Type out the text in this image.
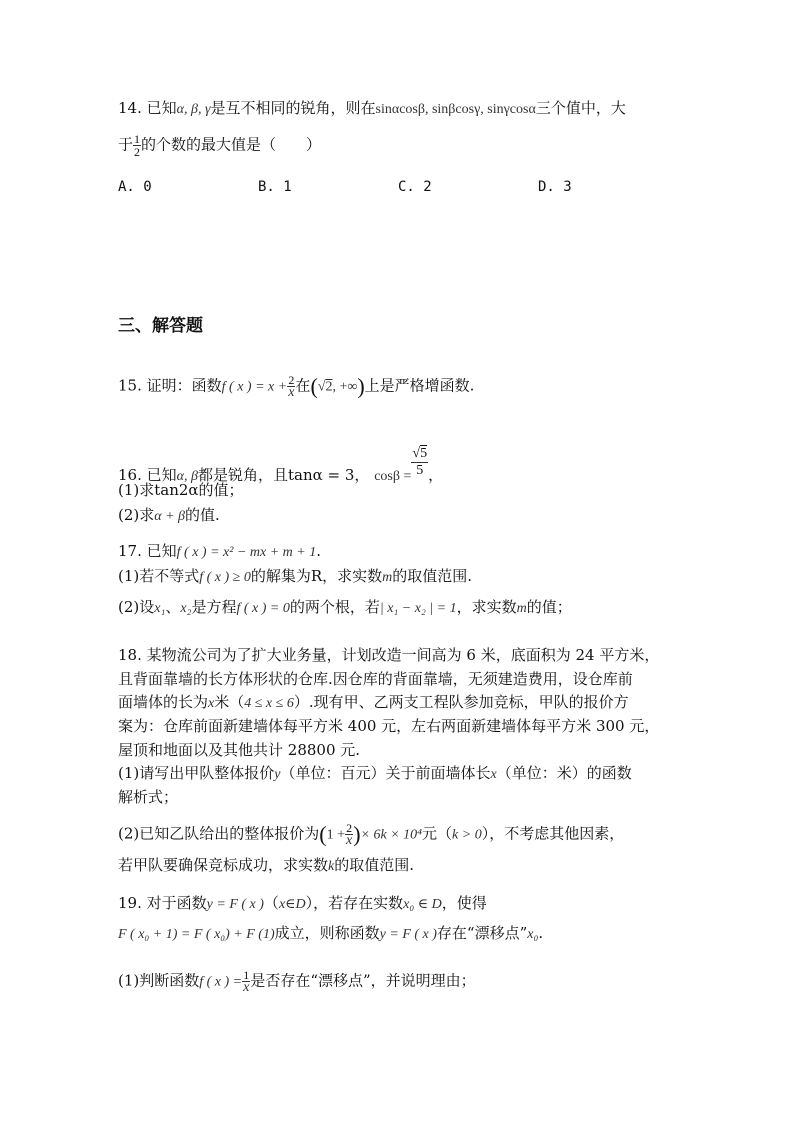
14. 已知α, β, γ是互不相同的锐角，则在sinαcosβ, sinβcosγ, sinγcosα三个值中，大
于 $\frac{1}{2}$ 的个数的最大值是（　　）
A. 0	B. 1	C. 2	D. 3
三、解答题
15. 证明：函数f ( x ) = $x + \frac{2}{x}$ 在(√2, +∞)上是严格增函数.
16. 已知α, β都是锐角，且tanα = 3， $\cos\beta = \frac{√5}{5}$ ，
(1)求tan2α的值；
(2)求α + β的值.
17. 已知f ( x ) = x² − mx + m + 1.
(1)若不等式f ( x ) ≥ 0的解集为R，求实数m的取值范围.
(2)设x₁、x₂是方程f ( x ) = 0的两个根，若| x₁ − x₂ | = 1，求实数m的值；
18. 某物流公司为了扩大业务量，计划改造一间高为 6 米，底面积为 24 平方米，
且背面靠墙的长方体形状的仓库.因仓库的背面靠墙，无须建造费用，设仓库前
面墙体的长为x米（4 ≤ x ≤ 6）.现有甲、乙两支工程队参加竞标，甲队的报价方
案为：仓库前面新建墙体每平方米 400 元，左右两面新建墙体每平方米 300 元，
屋顶和地面以及其他共计 28800 元.
(1)请写出甲队整体报价y（单位：百元）关于前面墙体长x（单位：米）的函数
解析式；
(2)已知乙队给出的整体报价为($1 + \frac{2}{x}$ )× 6k × 10⁴元（k > 0），不考虑其他因素，
若甲队要确保竞标成功，求实数k的取值范围.
19. 对于函数y = F ( x )（x∈D），若存在实数x₀ ∈ D，使得
F ( x₀ + 1) = F ( x₀) + F (1)成立，则称函数y = F ( x )存在“漂移点”x₀.
(1)判断函数f ( x ) = $\frac{1}{x}$ 是否存在“漂移点”，并说明理由；
